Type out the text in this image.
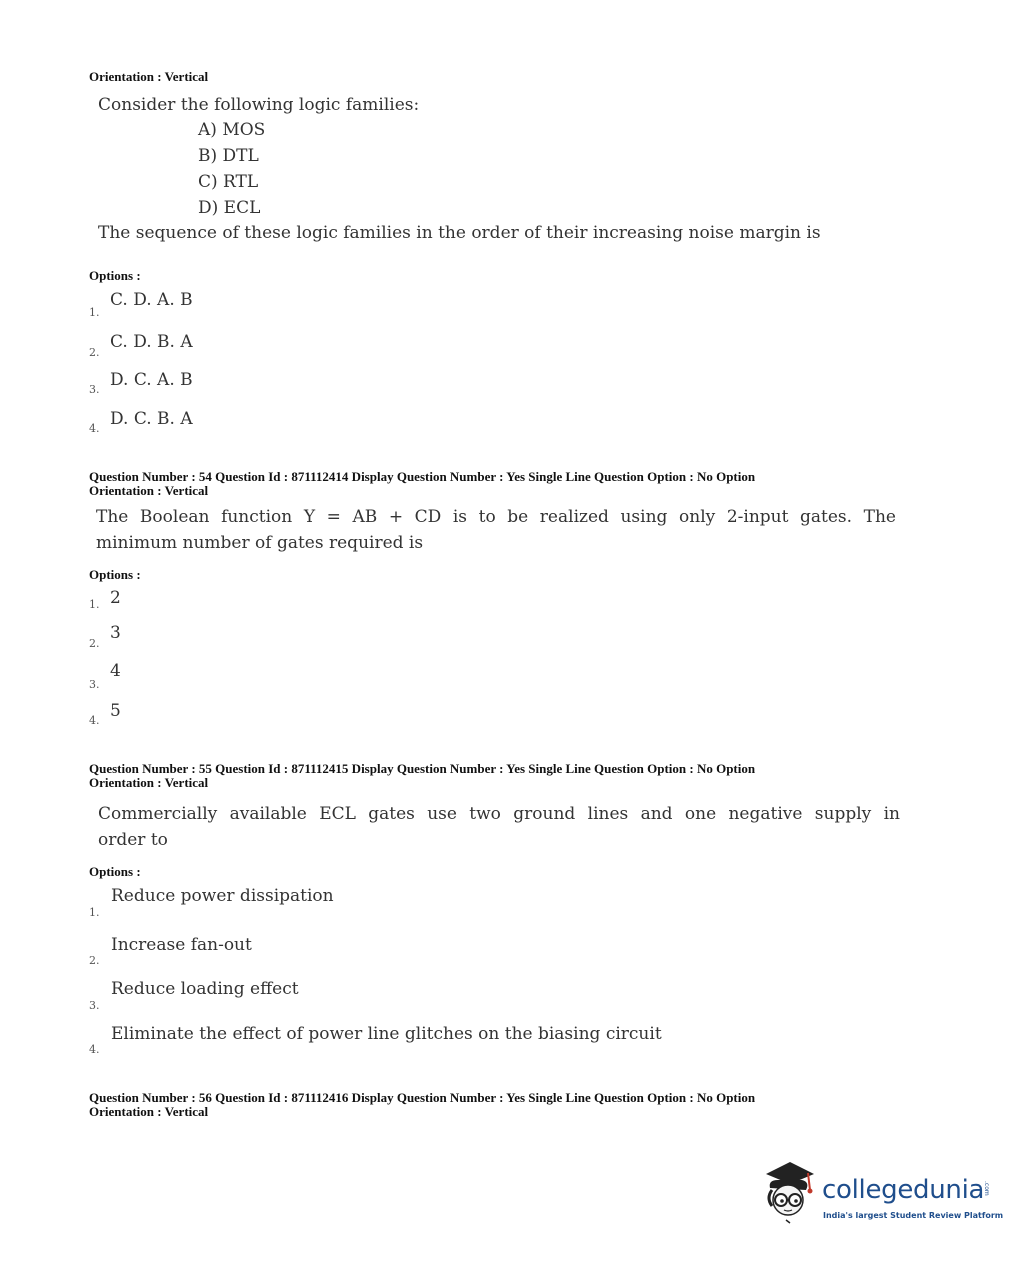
Orientation : Vertical
Consider the following logic families:
A) MOS
B) DTL
C) RTL
D) ECL
The sequence of these logic families in the order of their increasing noise margin is
Options :
1.
C. D. A. B
2.
C. D. B. A
3. D. C. A. B
4. D. C. B. A
Question Number : 54 Question Id : 871112414 Display Question Number : Yes Single Line Question Option : No Option
Orientation : Vertical
The Boolean function Y = AB + CD is to be realized using only 2-input gates. The
minimum number of gates required is
Options :
1. 2
2.
3
3.
4
4. 5
Question Number : 55 Question Id : 871112415 Display Question Number : Yes Single Line Question Option : No Option
Orientation : Vertical
Commercially available ECL gates use two ground lines and one negative supply in
order to
Options :
1.
Reduce power dissipation
2.
Increase fan-out
3.
Reduce loading effect
4.
Eliminate the effect of power line glitches on the biasing circuit
Question Number : 56 Question Id : 871112416 Display Question Number : Yes Single Line Question Option : No Option
Orientation : Vertical
collegedunia
.com
India's largest Student Review Platform
